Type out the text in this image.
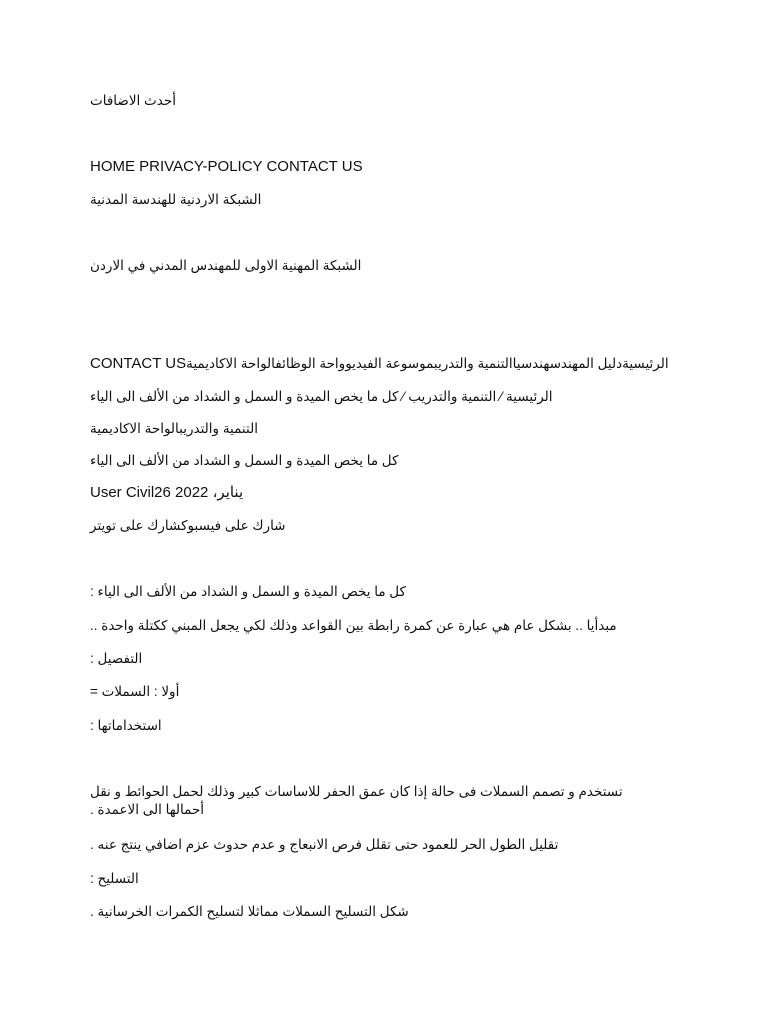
أحدث الاضافات

HOME PRIVACY-POLICY CONTACT US

الشبكة الاردنية للهندسة المدنية

الشبكة المهنية الاولى للمهندس المدني في الاردن

الرئيسيةدليل المهندسهندسياالتنمية والتدريبموسوعة الفيديوواحة الوظائفالواحة الاكاديميةCONTACT US

الرئيسية ⁄ التنمية والتدريب ⁄ كل ما يخص الميدة و السمل و الشداد من الألف الى الياء

التنمية والتدريبالواحة الاكاديمية

كل ما يخص الميدة و السمل و الشداد من الألف الى الياء

User Civil26 يناير، 2022

شارك على فيسبوكشارك على تويتر

كل ما يخص الميدة و السمل و الشداد من الألف الى الياء :

مبدأيا .. بشكل عام هي عبارة عن كمرة رابطة بين القواعد وذلك لكي يجعل المبني ككتلة واحدة ..

التفصيل :

أولا : السملات =

استخداماتها :

تستخدم و تصمم السملات فى حالة إذا كان عمق الحفر للاساسات كبير وذلك لحمل الحوائط و نقل أحمالها الى الاعمدة .

تقليل الطول الحر للعمود حتى تقلل فرص الانبعاج و عدم حدوث عزم اضافي ينتج عنه .

التسليح :

شكل التسليح السملات مماثلا لتسليح الكمرات الخرسانية .
